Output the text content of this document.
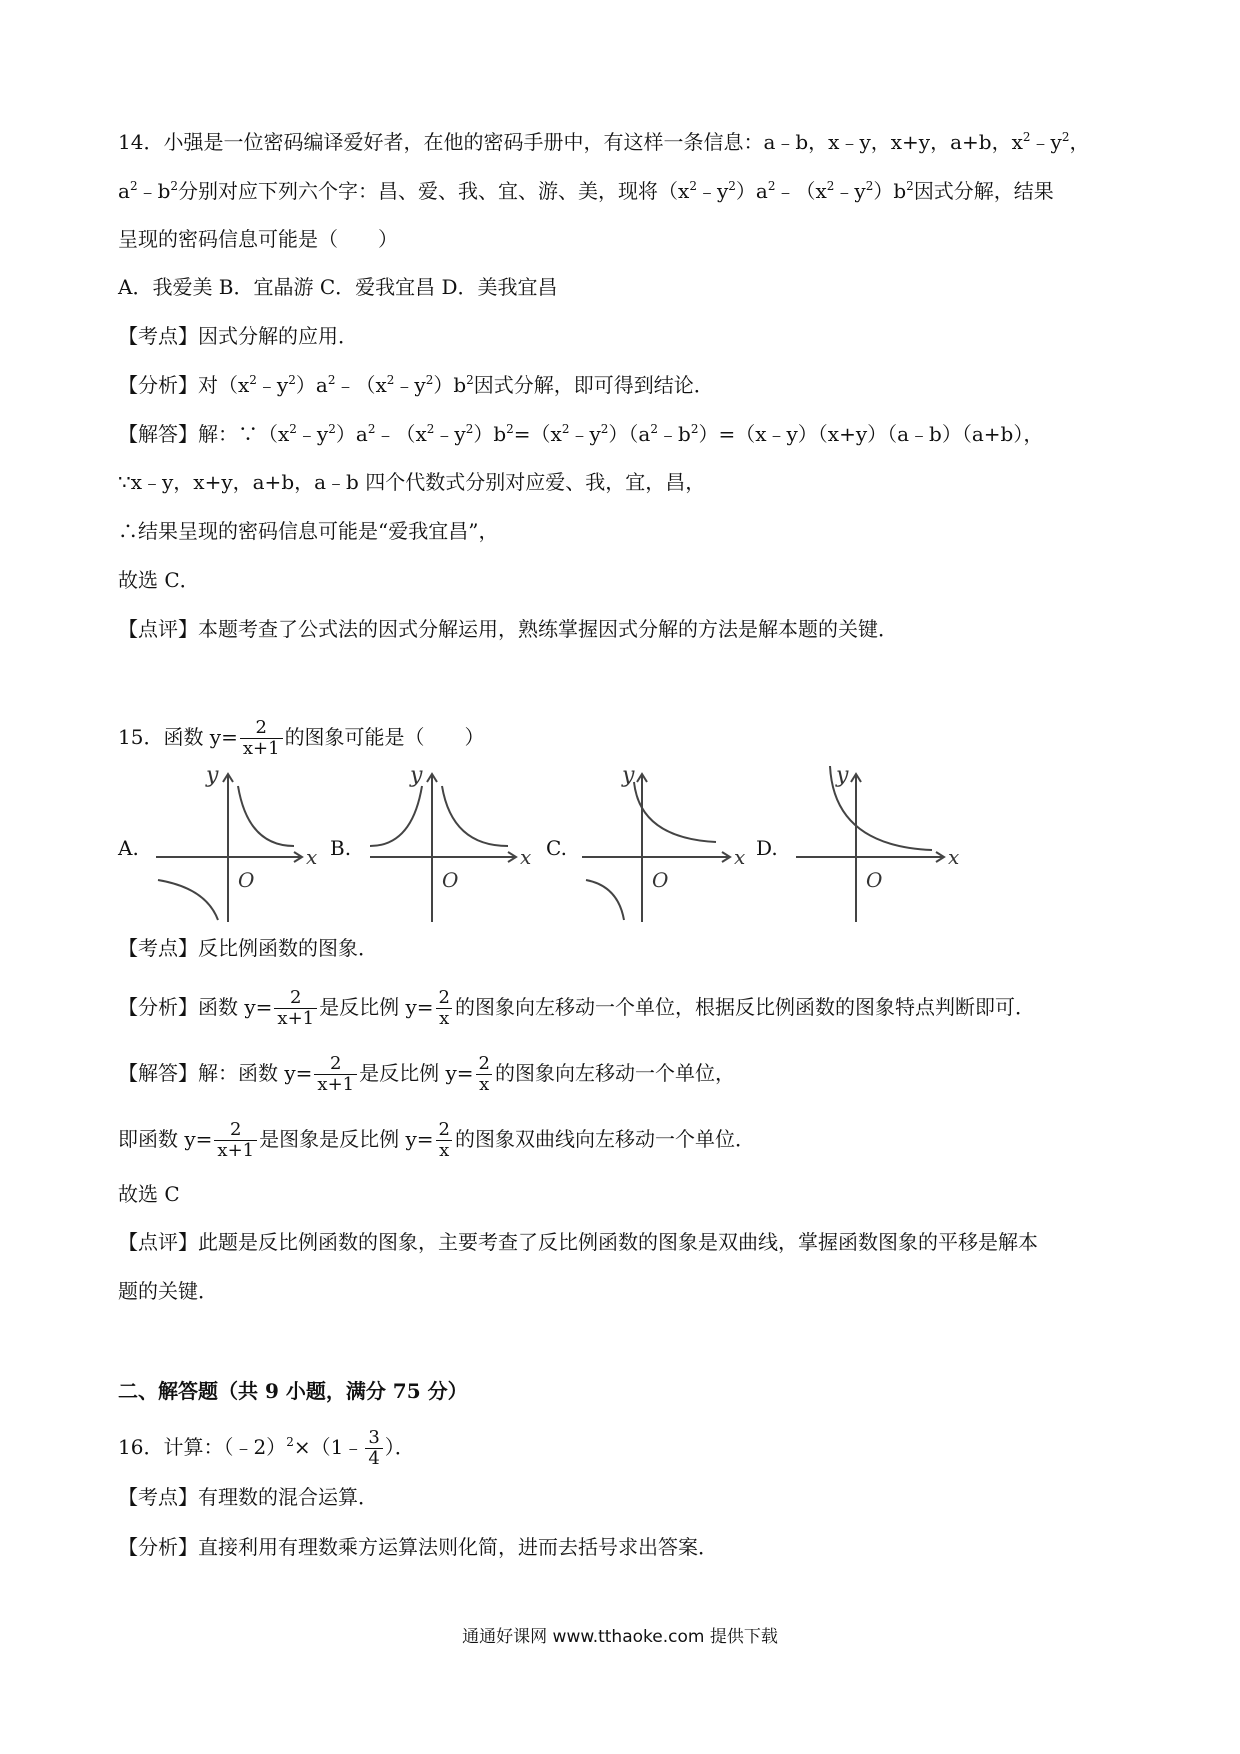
14．小强是一位密码编译爱好者，在他的密码手册中，有这样一条信息：a﹣b，x﹣y，x+y，a+b，$x^2﹣y^2$，
$a^2﹣b^2$分别对应下列六个字：昌、爱、我、宜、游、美，现将$(x^2﹣y^2)a^2﹣(x^2﹣y^2)b^2$因式分解，结果
呈现的密码信息可能是（　　）
A．我爱美 B．宜晶游 C．爱我宜昌 D．美我宜昌
【考点】因式分解的应用．
【分析】对$(x^2﹣y^2)a^2﹣(x^2﹣y^2)b^2$因式分解，即可得到结论．
【解答】解：$\because(x^2﹣y^2)a^2﹣(x^2﹣y^2)b^2=(x^2﹣y^2)(a^2﹣b^2)=(x﹣y)(x+y)(a﹣b)(a+b)$，
∵x﹣y，x+y，a+b，a﹣b 四个代数式分别对应爱、我，宜，昌，
∴结果呈现的密码信息可能是“爱我宜昌”，
故选 C．
【点评】本题考查了公式法的因式分解运用，熟练掌握因式分解的方法是解本题的关键．
15．函数 $y= \frac{2}{x+1}$ 的图象可能是（　　）
A.
y
x
O
B.
y
x
O
C.
y
x
O
D.
y
x
O
【考点】反比例函数的图象．
【分析】函数 $y= \frac{2}{x+1}$ 是反比例 $y= \frac{2}{x}$ 的图象向左移动一个单位，根据反比例函数的图象特点判断即可．
【解答】解：函数 $y= \frac{2}{x+1}$ 是反比例 $y= \frac{2}{x}$ 的图象向左移动一个单位，
即函数 $y= \frac{2}{x+1}$ 是图象是反比例 $y= \frac{2}{x}$ 的图象双曲线向左移动一个单位．
故选 C
【点评】此题是反比例函数的图象，主要考查了反比例函数的图象是双曲线，掌握函数图象的平移是解本
题的关键．
二、解答题（共 9 小题，满分 75 分）
16．计算：（﹣2）$^2$×（1﹣ $\frac{3}{4}$ ）．
【考点】有理数的混合运算．
【分析】直接利用有理数乘方运算法则化简，进而去括号求出答案．
通通好课网 www.tthaoke.com 提供下载
